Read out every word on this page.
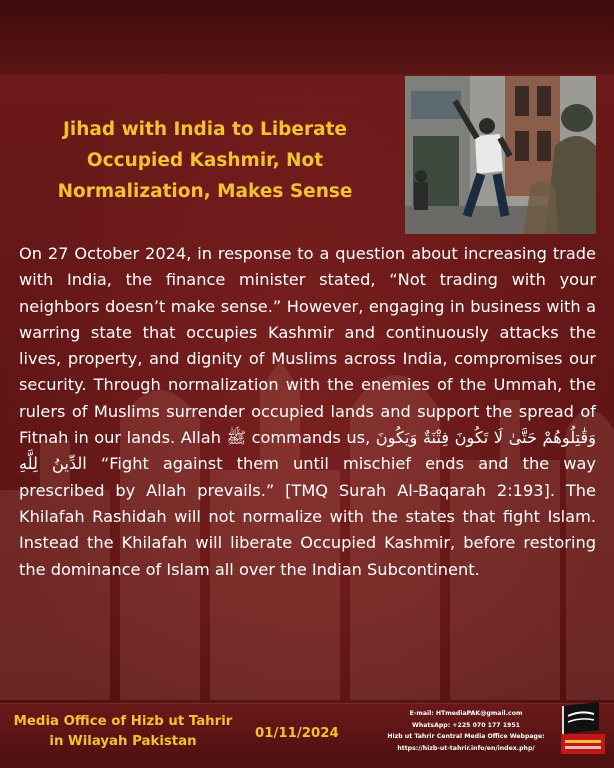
Jihad with India to Liberate Occupied Kashmir, Not Normalization, Makes Sense
On 27 October 2024, in response to a question about increasing trade with India, the finance minister stated, “Not trading with your neighbors doesn’t make sense.” However, engaging in business with a warring state that occupies Kashmir and continuously attacks the lives, property, and dignity of Muslims across India, compromises our security. Through normalization with the enemies of the Ummah, the rulers of Muslims surrender occupied lands and support the spread of Fitnah in our lands. Allah ﷺ commands us, وَقَٰتِلُوهُمْ حَتَّىٰ لَا تَكُونَ فِتْنَةٌ وَيَكُونَ الدِّينُ لِلَّهِ “Fight against them until mischief ends and the way prescribed by Allah prevails.” [TMQ Surah Al-Baqarah 2:193]. The Khilafah Rashidah will not normalize with the states that fight Islam. Instead the Khilafah will liberate Occupied Kashmir, before restoring the dominance of Islam all over the Indian Subcontinent.
Media Office of Hizb ut Tahrir
in Wilayah Pakistan
01/11/2024
E-mail: HTmediaPAK@gmail.com
WhatsApp: +225 070 177 1951
Hizb ut Tahrir Central Media Office Webpage:
https://hizb-ut-tahrir.info/en/index.php/
